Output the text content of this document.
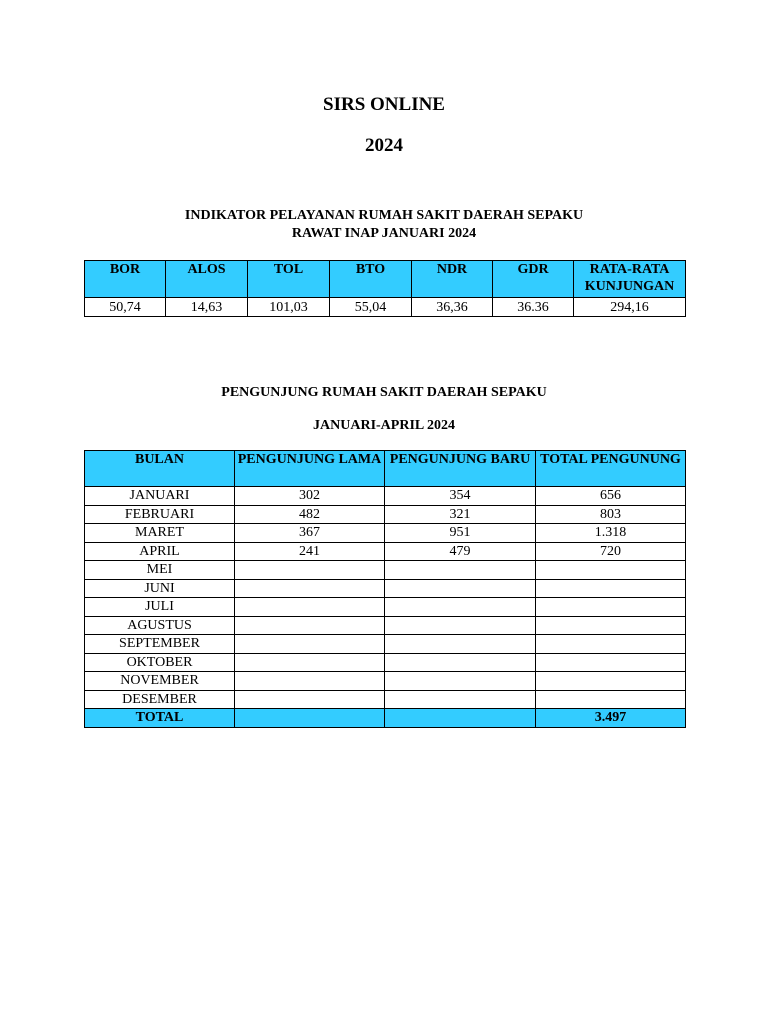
SIRS ONLINE
2024
INDIKATOR PELAYANAN RUMAH SAKIT DAERAH SEPAKU
RAWAT INAP JANUARI 2024
BOR	ALOS	TOL	BTO	NDR	GDR	RATA-RATA KUNJUNGAN
50,74	14,63	101,03	55,04	36,36	36.36	294,16
PENGUNJUNG RUMAH SAKIT DAERAH SEPAKU
JANUARI-APRIL 2024
BULAN	PENGUNJUNG LAMA	PENGUNJUNG BARU	TOTAL PENGUNUNG
JANUARI	302	354	656
FEBRUARI	482	321	803
MARET	367	951	1.318
APRIL	241	479	720
MEI			
JUNI			
JULI			
AGUSTUS			
SEPTEMBER			
OKTOBER			
NOVEMBER			
DESEMBER			
TOTAL			3.497
